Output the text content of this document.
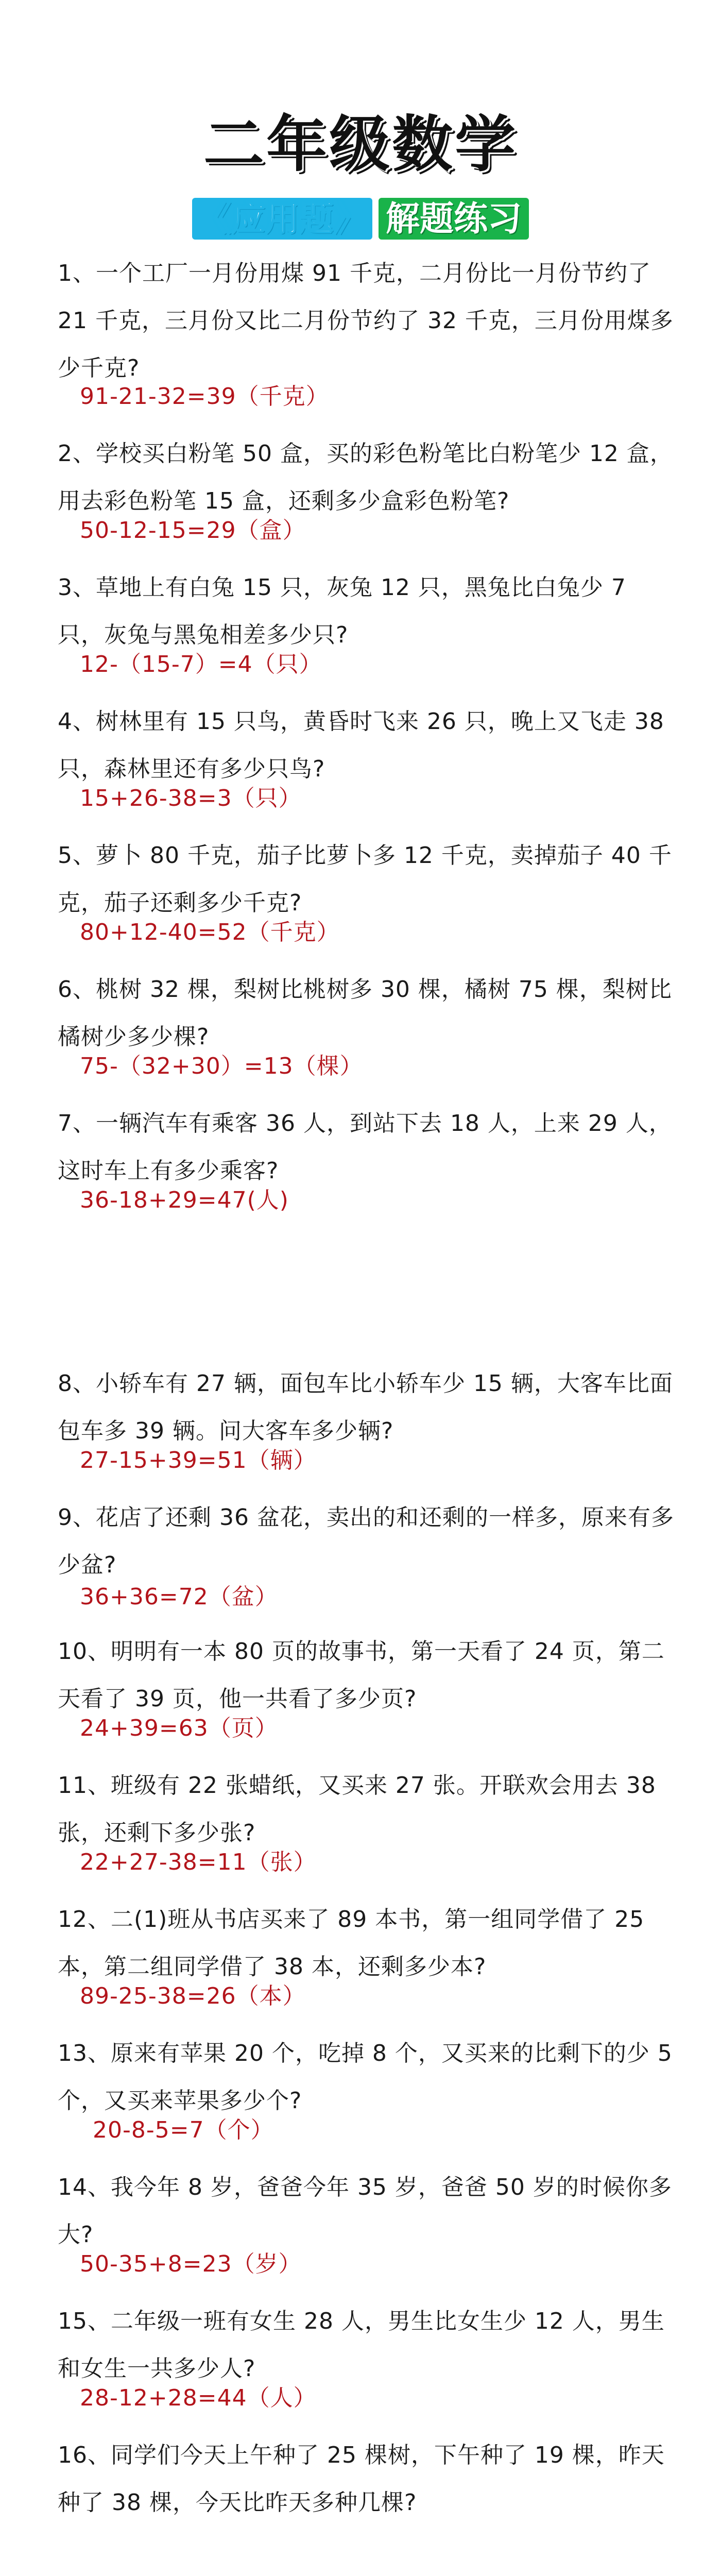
二年级数学
《应用题》 解题练习
1、一个工厂一月份用煤 91 千克，二月份比一月份节约了 21 千克，三月份又比二月份节约了 32 千克，三月份用煤多少千克?
91-21-32=39（千克）
2、学校买白粉笔 50 盒，买的彩色粉笔比白粉笔少 12 盒，用去彩色粉笔 15 盒，还剩多少盒彩色粉笔?
50-12-15=29（盒）
3、草地上有白兔 15 只，灰兔 12 只，黑兔比白兔少 7 只，灰兔与黑兔相差多少只?
12-（15-7）=4（只）
4、树林里有 15 只鸟，黄昏时飞来 26 只，晚上又飞走 38 只，森林里还有多少只鸟?
15+26-38=3（只）
5、萝卜 80 千克，茄子比萝卜多 12 千克，卖掉茄子 40 千克，茄子还剩多少千克?
80+12-40=52（千克）
6、桃树 32 棵，梨树比桃树多 30 棵，橘树 75 棵，梨树比橘树少多少棵?
75-（32+30）=13（棵）
7、一辆汽车有乘客 36 人，到站下去 18 人，上来 29 人，这时车上有多少乘客?
36-18+29=47(人)
8、小轿车有 27 辆，面包车比小轿车少 15 辆，大客车比面包车多 39 辆。问大客车多少辆?
27-15+39=51（辆）
9、花店了还剩 36 盆花，卖出的和还剩的一样多，原来有多少盆?
36+36=72（盆）
10、明明有一本 80 页的故事书，第一天看了 24 页，第二天看了 39 页，他一共看了多少页?
24+39=63（页）
11、班级有 22 张蜡纸，又买来 27 张。开联欢会用去 38 张，还剩下多少张?
22+27-38=11（张）
12、二(1)班从书店买来了 89 本书，第一组同学借了 25 本，第二组同学借了 38 本，还剩多少本?
89-25-38=26（本）
13、原来有苹果 20 个，吃掉 8 个，又买来的比剩下的少 5 个，又买来苹果多少个?
20-8-5=7（个）
14、我今年 8 岁，爸爸今年 35 岁，爸爸 50 岁的时候你多大?
50-35+8=23（岁）
15、二年级一班有女生 28 人，男生比女生少 12 人，男生和女生一共多少人?
28-12+28=44（人）
16、同学们今天上午种了 25 棵树，下午种了 19 棵，昨天种了 38 棵，今天比昨天多种几棵?
